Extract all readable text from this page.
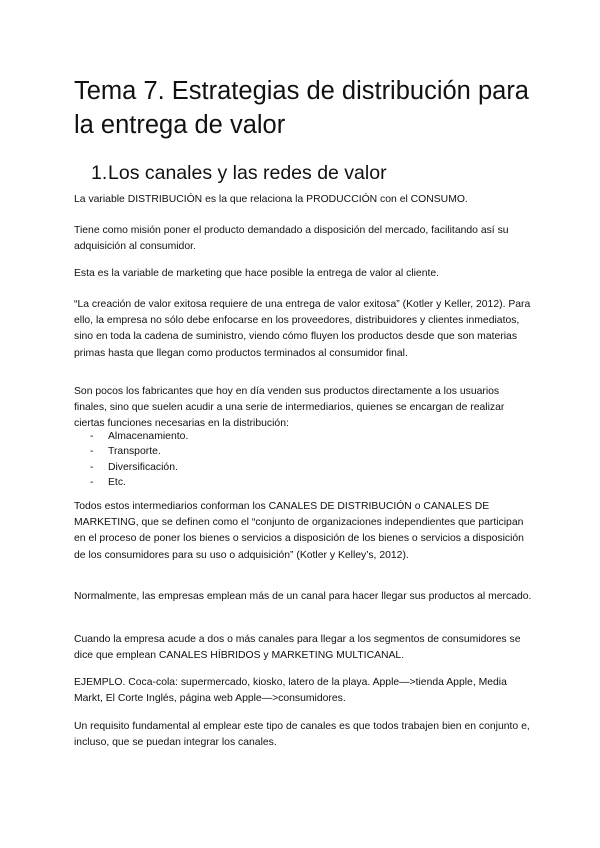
Tema 7. Estrategias de distribución para la entrega de valor
1.Los canales y las redes de valor

La variable DISTRIBUCIÓN es la que relaciona la PRODUCCIÓN con el CONSUMO.

Tiene como misión poner el producto demandado a disposición del mercado, facilitando así su adquisición al consumidor.

Esta es la variable de marketing que hace posible la entrega de valor al cliente.

“La creación de valor exitosa requiere de una entrega de valor exitosa” (Kotler y Keller, 2012). Para ello, la empresa no sólo debe enfocarse en los proveedores, distribuidores y clientes inmediatos, sino en toda la cadena de suministro, viendo cómo fluyen los productos desde que son materias primas hasta que llegan como productos terminados al consumidor final.

Son pocos los fabricantes que hoy en día venden sus productos directamente a los usuarios finales, sino que suelen acudir a una serie de intermediarios, quienes se encargan de realizar ciertas funciones necesarias en la distribución:

- Almacenamiento.
- Transporte.
- Diversificación.
- Etc.

Todos estos intermediarios conforman los CANALES DE DISTRIBUCIÓN o CANALES DE MARKETING, que se definen como el “conjunto de organizaciones independientes que participan en el proceso de poner los bienes o servicios a disposición de los bienes o servicios a disposición de los consumidores para su uso o adquisición” (Kotler y Kelley’s, 2012).

Normalmente, las empresas emplean más de un canal para hacer llegar sus productos al mercado.

Cuando la empresa acude a dos o más canales para llegar a los segmentos de consumidores se dice que emplean CANALES HÍBRIDOS y MARKETING MULTICANAL.

EJEMPLO. Coca-cola: supermercado, kiosko, latero de la playa. Apple—>tienda Apple, Media Markt, El Corte Inglés, página web Apple—>consumidores.

Un requisito fundamental al emplear este tipo de canales es que todos trabajen bien en conjunto e, incluso, que se puedan integrar los canales.
